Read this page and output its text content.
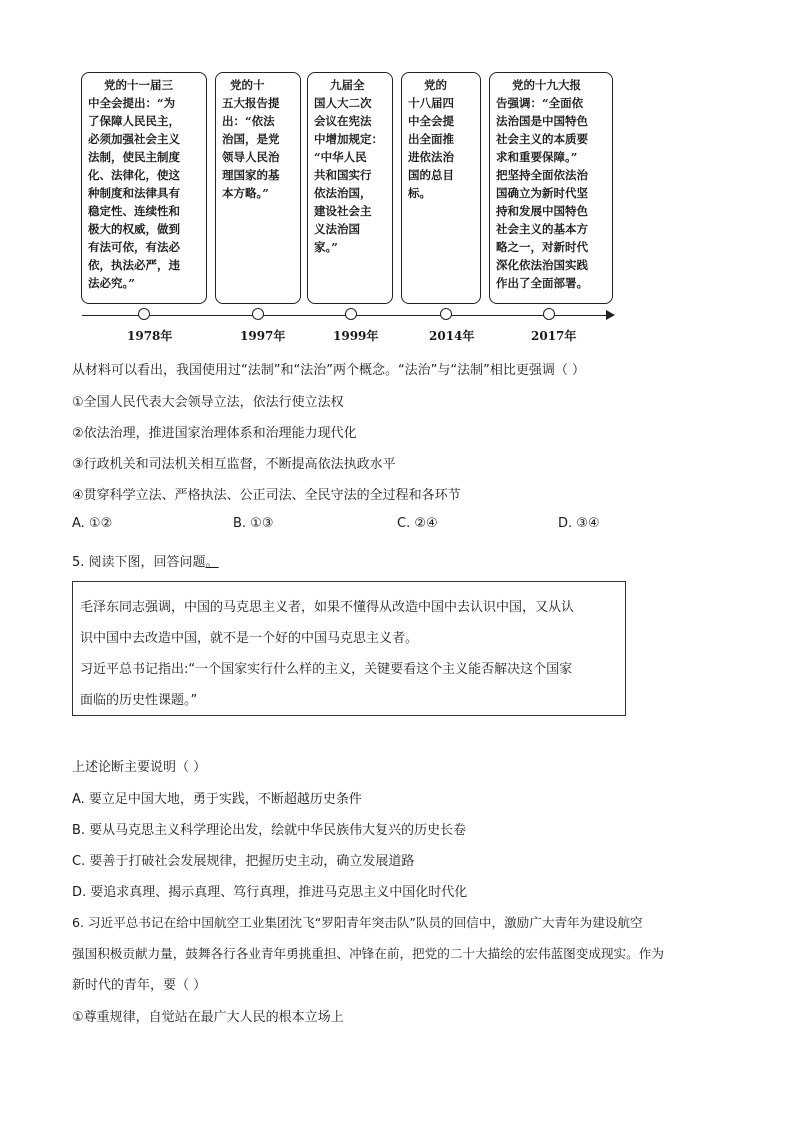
党的十一届三
中全会提出：“为
了保障人民民主，
必须加强社会主义
法制，使民主制度
化、法律化，使这
种制度和法律具有
稳定性、连续性和
极大的权威，做到
有法可依，有法必
依，执法必严，违
法必究。”
党的十
五大报告提
出：“依法
治国，是党
领导人民治
理国家的基
本方略。”
九届全
国人大二次
会议在宪法
中增加规定：
“中华人民
共和国实行
依法治国，
建设社会主
义法治国
家。”
党的
十八届四
中全会提
出全面推
进依法治
国的总目
标。
党的十九大报
告强调：“全面依
法治国是中国特色
社会主义的本质要
求和重要保障。”
把坚持全面依法治
国确立为新时代坚
持和发展中国特色
社会主义的基本方
略之一，对新时代
深化依法治国实践
作出了全面部署。
1978年	1997年	1999年	2014年	2017年
从材料可以看出，我国使用过“法制”和“法治”两个概念。“法治”与“法制”相比更强调（ ）
①全国人民代表大会领导立法，依法行使立法权
②依法治理，推进国家治理体系和治理能力现代化
③行政机关和司法机关相互监督，不断提高依法执政水平
④贯穿科学立法、严格执法、公正司法、全民守法的全过程和各环节
A. ①②	B. ①③	C. ②④	D. ③④
5. 阅读下图，回答问题。
毛泽东同志强调，中国的马克思主义者，如果不懂得从改造中国中去认识中国，又从认
识中国中去改造中国，就不是一个好的中国马克思主义者。
习近平总书记指出:“一个国家实行什么样的主义，关键要看这个主义能否解决这个国家
面临的历史性课题。”
上述论断主要说明（ ）
A. 要立足中国大地，勇于实践，不断超越历史条件
B. 要从马克思主义科学理论出发，绘就中华民族伟大复兴的历史长卷
C. 要善于打破社会发展规律，把握历史主动，确立发展道路
D. 要追求真理、揭示真理、笃行真理，推进马克思主义中国化时代化
6. 习近平总书记在给中国航空工业集团沈飞“罗阳青年突击队”队员的回信中，激励广大青年为建设航空
强国积极贡献力量，鼓舞各行各业青年勇挑重担、冲锋在前，把党的二十大描绘的宏伟蓝图变成现实。作为
新时代的青年，要（ ）
①尊重规律，自觉站在最广大人民的根本立场上
